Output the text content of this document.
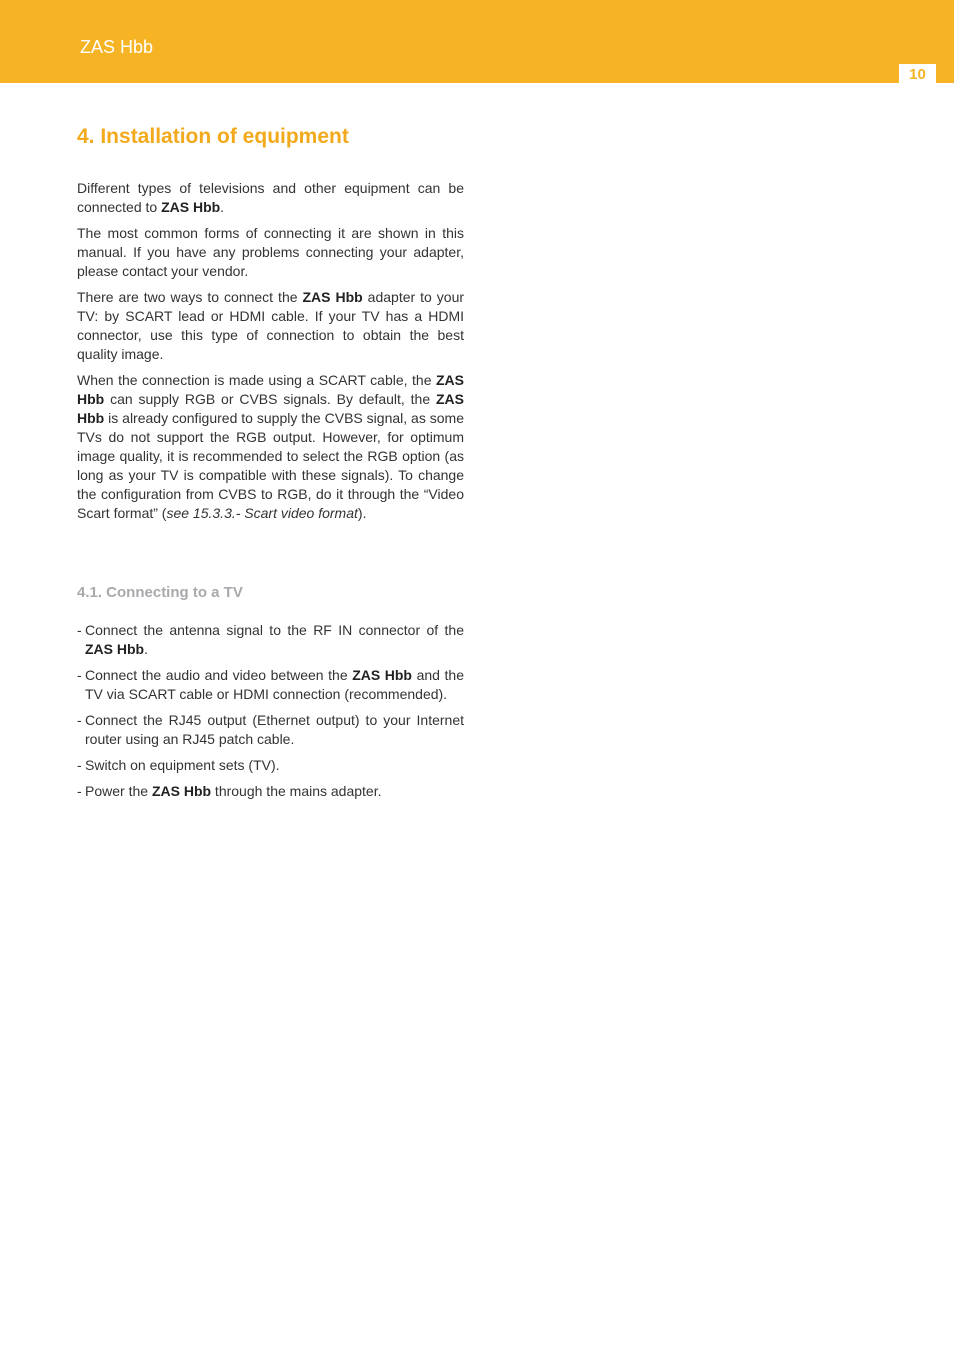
ZAS Hbb
10
4. Installation of equipment

Different types of televisions and other equipment can be connected to ZAS Hbb.

The most common forms of connecting it are shown in this manual. If you have any problems connecting your adapter, please contact your vendor.

There are two ways to connect the ZAS Hbb adapter to your TV: by SCART lead or HDMI cable. If your TV has a HDMI connector, use this type of connection to obtain the best quality image.

When the connection is made using a SCART cable, the ZAS Hbb can supply RGB or CVBS signals. By default, the ZAS Hbb is already configured to supply the CVBS signal, as some TVs do not support the RGB output. However, for optimum image quality, it is recommended to select the RGB option (as long as your TV is compatible with these signals). To change the configuration from CVBS to RGB, do it through the “Video Scart format” (see 15.3.3.- Scart video format).

4.1. Connecting to a TV
- Connect the antenna signal to the RF IN connector of the ZAS Hbb.
- Connect the audio and video between the ZAS Hbb and the TV via SCART cable or HDMI connection (recommended).
- Connect the RJ45 output (Ethernet output) to your Internet router using an RJ45 patch cable.
- Switch on equipment sets (TV).
- Power the ZAS Hbb through the mains adapter.
